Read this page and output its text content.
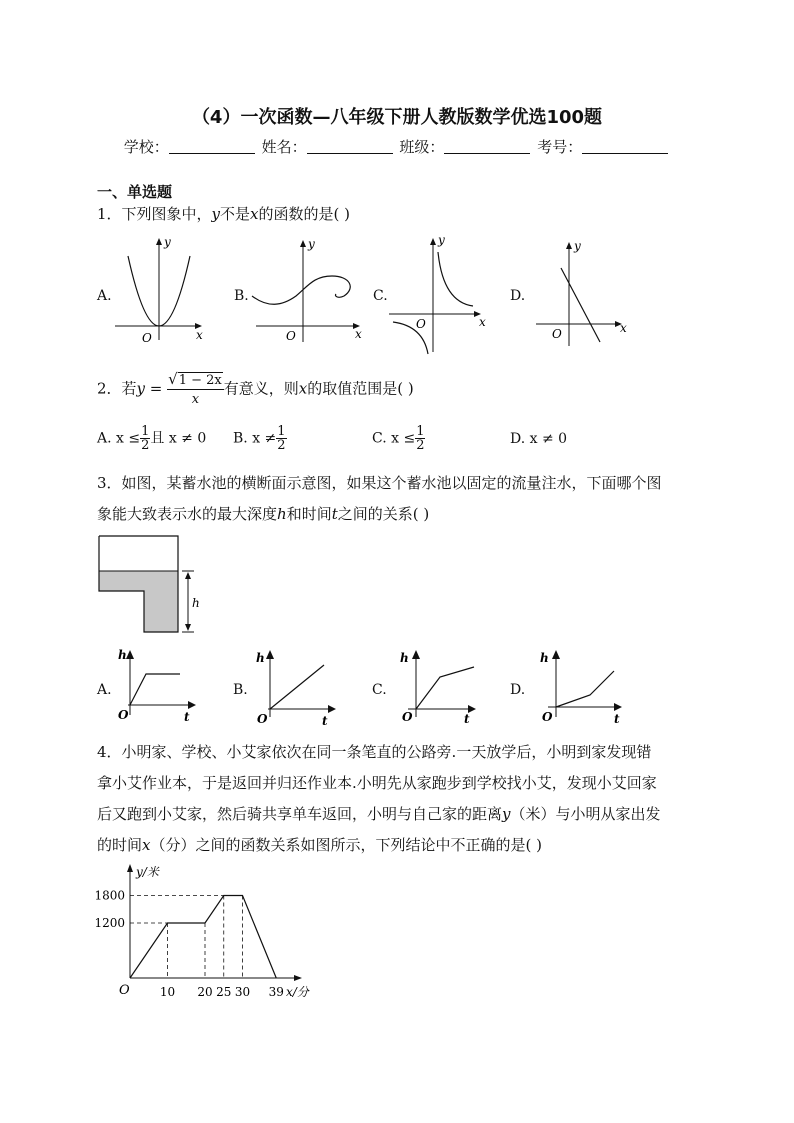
（4）一次函数—八年级下册人教版数学优选100题
学校：	姓名：	班级：	考号：
一、单选题
1．下列图象中，y不是x的函数的是( )
A.	B.	C.	D.
y
x
O
y
x
O
y
x
O
y
x
O
2．若$y = \frac{√1 - 2x}{x}$ 有意义，则x的取值范围是( )
A. $x \le \frac{1}{2}$ 且 x ≠ 0 B. $x \ne \frac{1}{2}$	C. $x \le \frac{1}{2}$	D. x ≠ 0
3．如图，某蓄水池的横断面示意图，如果这个蓄水池以固定的流量注水，下面哪个图
象能大致表示水的最大深度h和时间t之间的关系( )
h
A.	B.	C.	D.
h
t
O
h
t
O
h
t
O
h
t
O
4．小明家、学校、小艾家依次在同一条笔直的公路旁.一天放学后，小明到家发现错
拿小艾作业本，于是返回并归还作业本.小明先从家跑步到学校找小艾，发现小艾回家
后又跑到小艾家，然后骑共享单车返回，小明与自己家的距离y（米）与小明从家出发
的时间x（分）之间的函数关系如图所示，下列结论中不正确的是( )
10 20 25 30 39
1200
1800
y/米
x/分
O
